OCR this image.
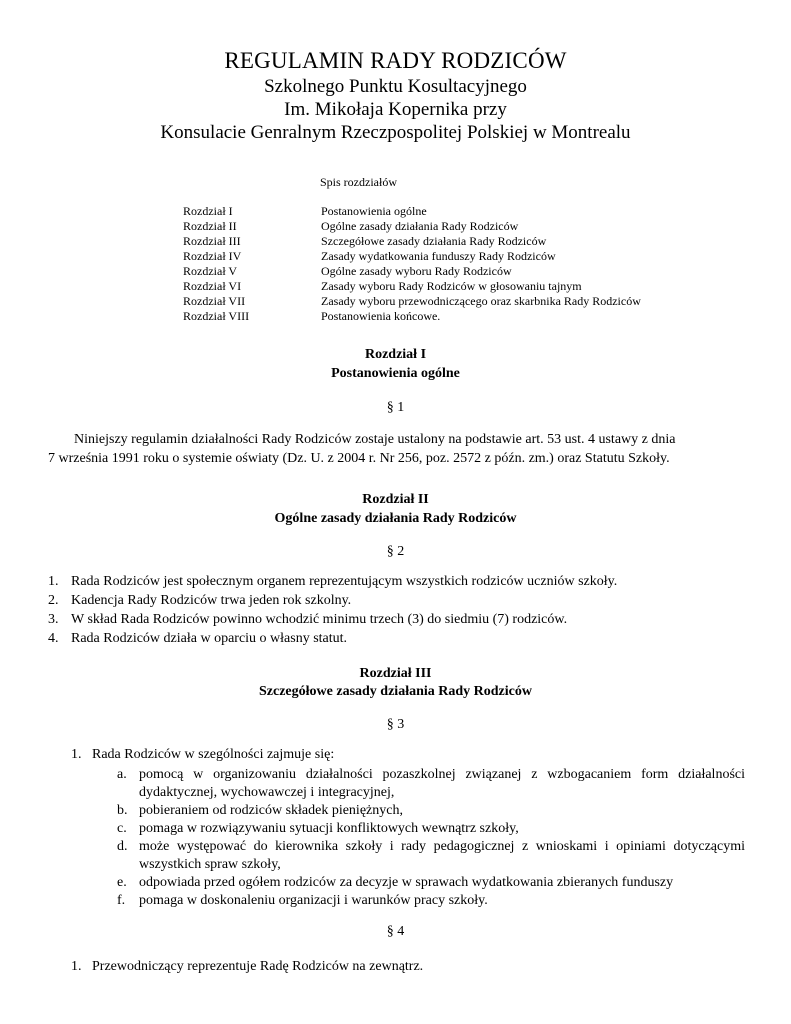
REGULAMIN RADY RODZICÓW
Szkolnego Punktu Kosultacyjnego
Im. Mikołaja Kopernika przy
Konsulacie Genralnym Rzeczpospolitej Polskiej w Montrealu
Spis rozdziałów
Rozdział I	Postanowienia ogólne
Rozdział II	Ogólne zasady działania Rady Rodziców
Rozdział III	Szczegółowe zasady działania Rady Rodziców
Rozdział IV	Zasady wydatkowania funduszy Rady Rodziców
Rozdział V	Ogólne zasady wyboru Rady Rodziców
Rozdział VI	Zasady wyboru Rady Rodziców w głosowaniu tajnym
Rozdział VII	Zasady wyboru przewodniczącego oraz skarbnika Rady Rodziców
Rozdział VIII	Postanowienia końcowe.
Rozdział I
Postanowienia ogólne
§ 1
Niniejszy regulamin działalności Rady Rodziców zostaje ustalony na podstawie art. 53 ust. 4 ustawy z dnia
7 września 1991 roku o systemie oświaty (Dz. U. z 2004 r. Nr 256, poz. 2572 z późn. zm.) oraz Statutu Szkoły.
Rozdział II
Ogólne zasady działania Rady Rodziców
§ 2
1. Rada Rodziców jest społecznym organem reprezentującym wszystkich rodziców uczniów szkoły.
2. Kadencja Rady Rodziców trwa jeden rok szkolny.
3. W skład Rada Rodziców powinno wchodzić minimu trzech (3) do siedmiu (7) rodziców.
4. Rada Rodziców działa w oparciu o własny statut.
Rozdział III
Szczegółowe zasady działania Rady Rodziców
§ 3
1. Rada Rodziców w szególności zajmuje się:
a. pomocą w organizowaniu działalności pozaszkolnej związanej z wzbogacaniem form działalności dydaktycznej, wychowawczej i integracyjnej,
b. pobieraniem od rodziców składek pieniężnych,
c. pomaga w rozwiązywaniu sytuacji konfliktowych wewnątrz szkoły,
d. może występować do kierownika szkoły i rady pedagogicznej z wnioskami i opiniami dotyczącymi wszystkich spraw szkoły,
e. odpowiada przed ogółem rodziców za decyzje w sprawach wydatkowania zbieranych funduszy
f. pomaga w doskonaleniu organizacji i warunków pracy szkoły.
§ 4
1. Przewodniczący reprezentuje Radę Rodziców na zewnątrz.
